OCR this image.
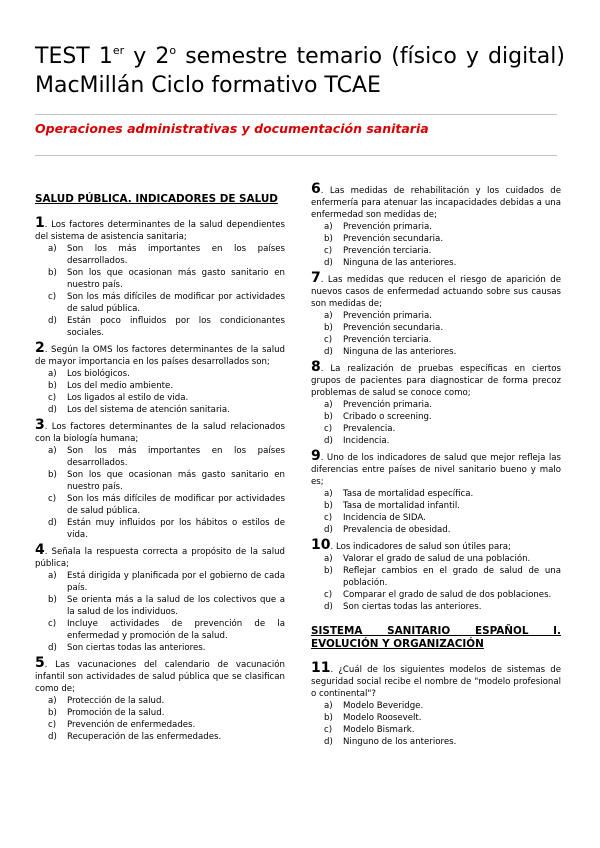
TEST 1er y 2$^o$ semestre temario (físico y digital) MacMillán Ciclo formativo TCAE
Operaciones administrativas y documentación sanitaria
SALUD PÚBLICA. INDICADORES DE SALUD

1. Los factores determinantes de la salud dependientes del sistema de asistencia sanitaria;

a)	Son los más importantes en los países desarrollados.
b)	Son los que ocasionan más gasto sanitario en nuestro país.
c)	Son los más difíciles de modificar por actividades de salud pública.
d)	Están poco influidos por los condicionantes sociales.

2. Según la OMS los factores determinantes de la salud de mayor importancia en los países desarrollados son;

a)	Los biológicos.
b)	Los del medio ambiente.
c)	Los ligados al estilo de vida.
d)	Los del sistema de atención sanitaria.

3. Los factores determinantes de la salud relacionados con la biología humana;

a)	Son los más importantes en los países desarrollados.
b)	Son los que ocasionan más gasto sanitario en nuestro país.
c)	Son los más difíciles de modificar por actividades de salud pública.
d)	Están muy influidos por los hábitos o estilos de vida.

4. Señala la respuesta correcta a propósito de la salud pública;

a)	Está dirigida y planificada por el gobierno de cada país.
b)	Se orienta más a la salud de los colectivos que a la salud de los individuos.
c)	Incluye actividades de prevención de la enfermedad y promoción de la salud.
d)	Son ciertas todas las anteriores.

5. Las vacunaciones del calendario de vacunación infantil son actividades de salud pública que se clasifican como de;

a)	Protección de la salud.
b)	Promoción de la salud.
c)	Prevención de enfermedades.
d)	Recuperación de las enfermedades.

6. Las medidas de rehabilitación y los cuidados de enfermería para atenuar las incapacidades debidas a una enfermedad son medidas de;

a)	Prevención primaria.
b)	Prevención secundaria.
c)	Prevención terciaria.
d)	Ninguna de las anteriores.

7. Las medidas que reducen el riesgo de aparición de nuevos casos de enfermedad actuando sobre sus causas son medidas de;

a)	Prevención primaria.
b)	Prevención secundaria.
c)	Prevención terciaria.
d)	Ninguna de las anteriores.

8. La realización de pruebas específicas en ciertos grupos de pacientes para diagnosticar de forma precoz problemas de salud se conoce como;

a)	Prevención primaria.
b)	Cribado o screening.
c)	Prevalencia.
d)	Incidencia.

9. Uno de los indicadores de salud que mejor refleja las diferencias entre países de nivel sanitario bueno y malo es;

a)	Tasa de mortalidad específica.
b)	Tasa de mortalidad infantil.
c)	Incidencia de SIDA.
d)	Prevalencia de obesidad.

10. Los indicadores de salud son útiles para;

a)	Valorar el grado de salud de una población.
b)	Reflejar cambios en el grado de salud de una población.
c)	Comparar el grado de salud de dos poblaciones.
d)	Son ciertas todas las anteriores.
SISTEMA SANITARIO ESPAÑOL I. EVOLUCIÓN Y ORGANIZACIÓN

11. ¿Cuál de los siguientes modelos de sistemas de seguridad social recibe el nombre de "modelo profesional o continental"?

a)	Modelo Beveridge.
b)	Modelo Roosevelt.
c)	Modelo Bismark.
d)	Ninguno de los anteriores.
